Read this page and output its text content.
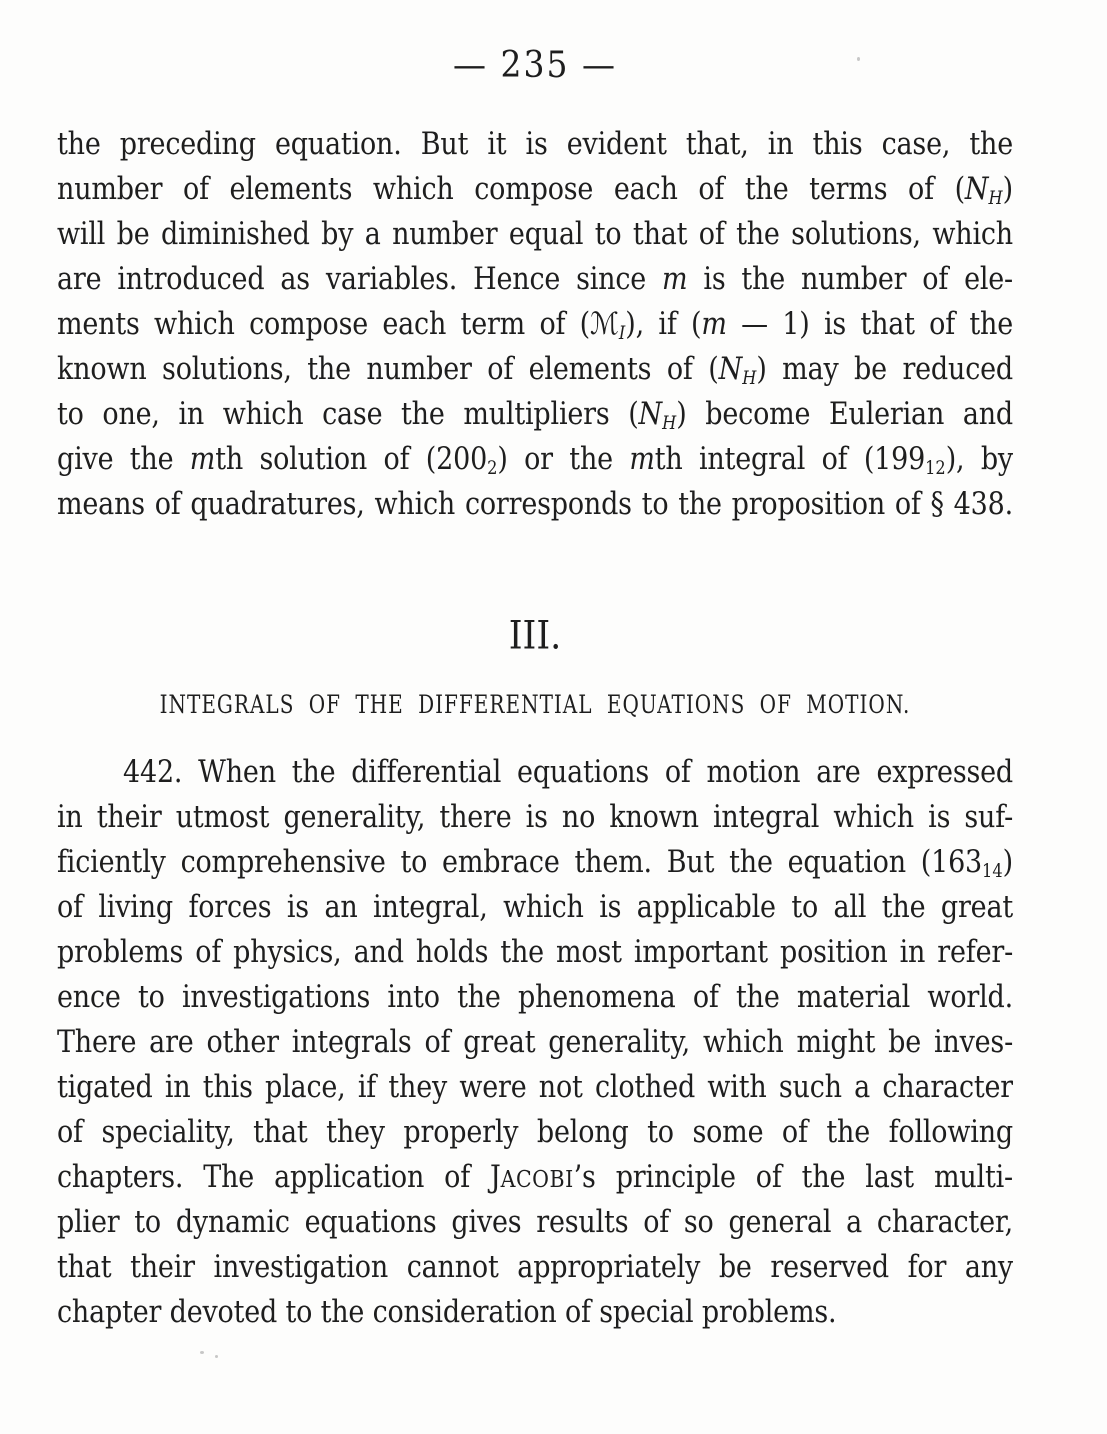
— 235 —
the preceding equation. But it is evident that, in this case, the
number of elements which compose each of the terms of (NH)
will be diminished by a number equal to that of the solutions, which
are introduced as variables. Hence since m is the number of ele-
ments which compose each term of (ℳI), if (m — 1) is that of the
known solutions, the number of elements of (NH) may be reduced
to one, in which case the multipliers (NH) become Eulerian and
give the mth solution of $(200_2)$ or the mth integral of $(199_{12})$, by
means of quadratures, which corresponds to the proposition of § 438.
III.
INTEGRALS OF THE DIFFERENTIAL EQUATIONS OF MOTION.
442. When the differential equations of motion are expressed
in their utmost generality, there is no known integral which is suf-
ficiently comprehensive to embrace them. But the equation $(163_{14})$
of living forces is an integral, which is applicable to all the great
problems of physics, and holds the most important position in refer-
ence to investigations into the phenomena of the material world.
There are other integrals of great generality, which might be inves-
tigated in this place, if they were not clothed with such a character
of speciality, that they properly belong to some of the following
chapters. The application of JACOBI’s principle of the last multi-
plier to dynamic equations gives results of so general a character,
that their investigation cannot appropriately be reserved for any
chapter devoted to the consideration of special problems.
